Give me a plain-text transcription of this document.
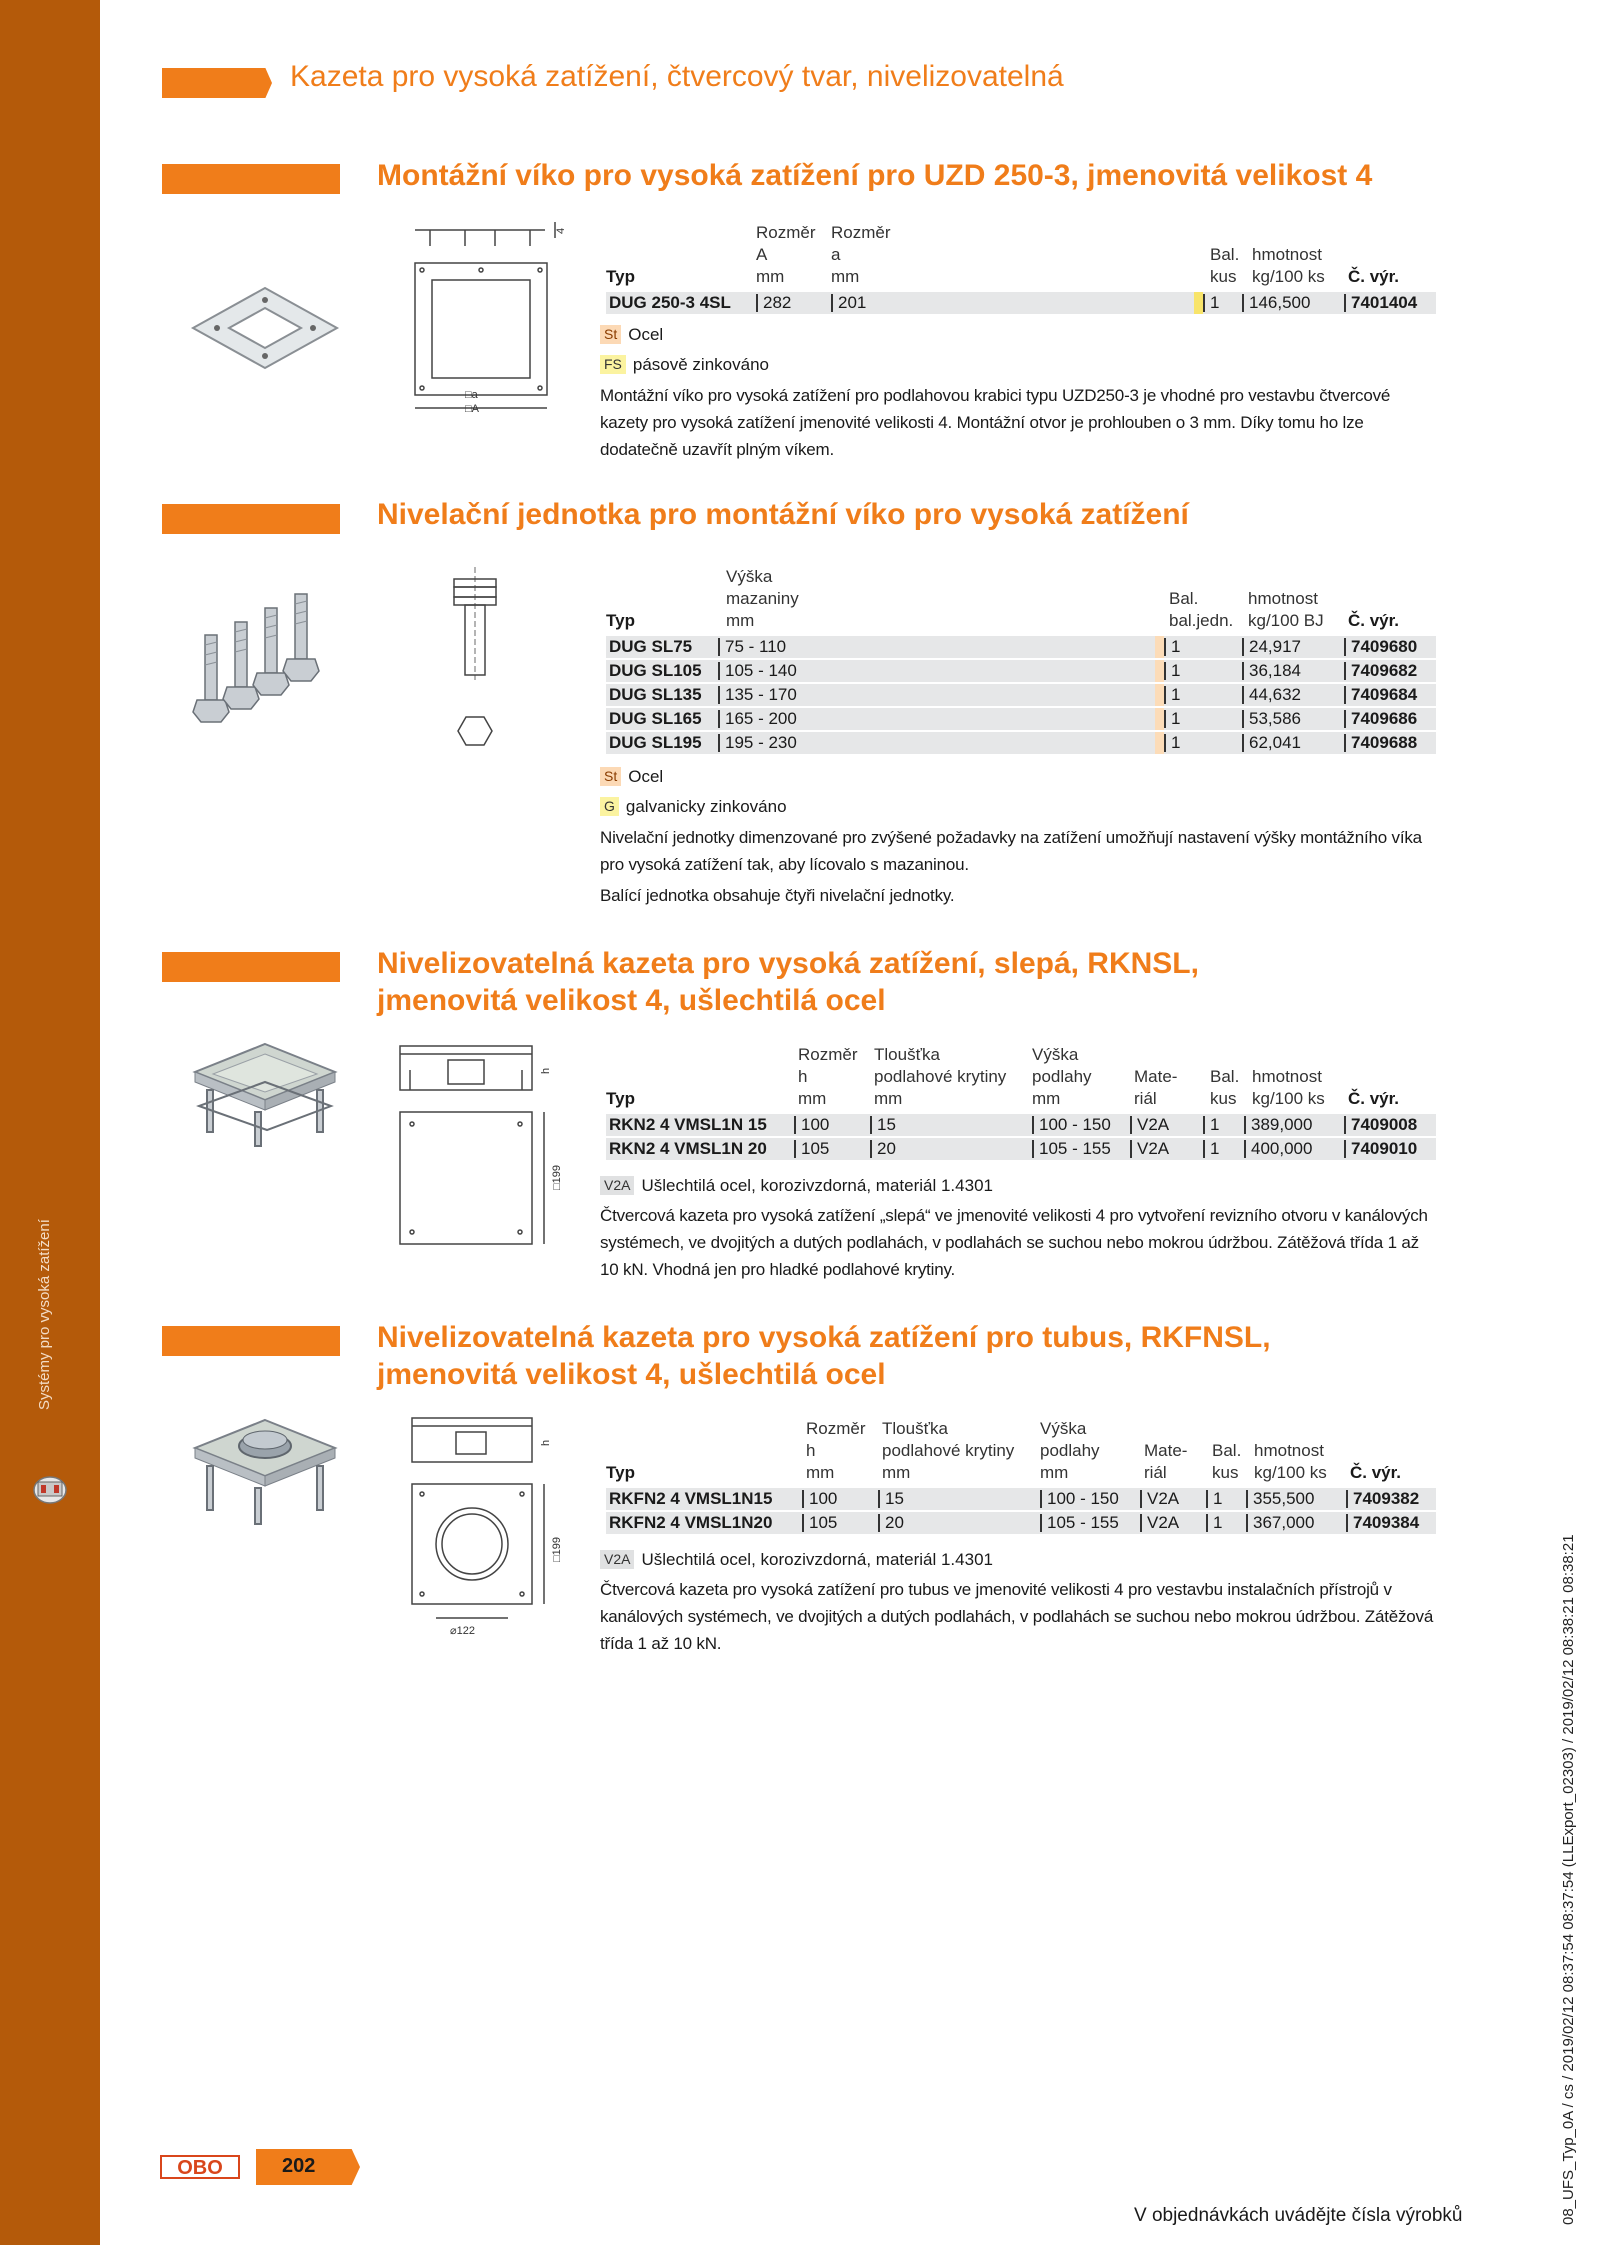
Systémy pro vysoká zatížení
Kazeta pro vysoká zatížení, čtvercový tvar, nivelizovatelná
Montážní víko pro vysoká zatížení pro UZD 250-3, jmenovitá velikost 4
4
□a
□A
Typ
Rozměr
A
mm
Rozměr
a
mm
Bal.
kus
hmotnost
kg/100 ks Č. výr.
DUG 250-3 4SL	282	201	1	146,500	7401404
St Ocel
FS pásově zinkováno

Montážní víko pro vysoká zatížení pro podlahovou krabici typu UZD250-3 je vhodné pro vestavbu čtvercové kazety pro vysoká zatížení jmenovité velikosti 4. Montážní otvor je prohlouben o 3 mm. Díky tomu ho lze dodatečně uzavřít plným víkem.

Nivelační jednotka pro montážní víko pro vysoká zatížení
Typ
Výška
mazaniny
mm
Bal.
bal.jedn.
hmotnost
kg/100 BJ Č. výr.
DUG SL75	75 - 110	1	24,917	7409680
DUG SL105	105 - 140	1	36,184	7409682
DUG SL135	135 - 170	1	44,632	7409684
DUG SL165	165 - 200	1	53,586	7409686
DUG SL195	195 - 230	1	62,041	7409688
St Ocel
G galvanicky zinkováno

Nivelační jednotky dimenzované pro zvýšené požadavky na zatížení umožňují nastavení výšky montážního víka pro vysoká zatížení tak, aby lícovalo s mazaninou.

Balící jednotka obsahuje čtyři nivelační jednotky.

Nivelizovatelná kazeta pro vysoká zatížení, slepá, RKNSL,
jmenovitá velikost 4, ušlechtilá ocel
h
□199
Typ
Rozměr
h
mm
Tloušťka
podlahové krytiny
mm
Výška
podlahy
mm
Mate-
riál
Bal.
kus
hmotnost
kg/100 ks Č. výr.
RKN2 4 VMSL1N 15	100	15	100 - 150	V2A	1	389,000	7409008
RKN2 4 VMSL1N 20	105	20	105 - 155	V2A	1	400,000	7409010
V2A Ušlechtilá ocel, korozivzdorná, materiál 1.4301

Čtvercová kazeta pro vysoká zatížení „slepá“ ve jmenovité velikosti 4 pro vytvoření revizního otvoru v kanálových systémech, ve dvojitých a dutých podlahách, v podlahách se suchou nebo mokrou údržbou. Zátěžová třída 1 až 10 kN. Vhodná jen pro hladké podlahové krytiny.

Nivelizovatelná kazeta pro vysoká zatížení pro tubus, RKFNSL,
jmenovitá velikost 4, ušlechtilá ocel
h
□199
⌀122
Typ
Rozměr
h
mm
Tloušťka
podlahové krytiny
mm
Výška
podlahy
mm
Mate-
riál
Bal.
kus
hmotnost
kg/100 ks Č. výr.
RKFN2 4 VMSL1N15	100	15	100 - 150	V2A	1	355,500	7409382
RKFN2 4 VMSL1N20	105	20	105 - 155	V2A	1	367,000	7409384
V2A Ušlechtilá ocel, korozivzdorná, materiál 1.4301

Čtvercová kazeta pro vysoká zatížení pro tubus ve jmenovité velikosti 4 pro vestavbu instalačních přístrojů v kanálových systémech, ve dvojitých a dutých podlahách, v podlahách se suchou nebo mokrou údržbou. Zátěžová třída 1 až 10 kN.

OBO	202
V objednávkách uvádějte čísla výrobků	08_UFS_Typ_0A / cs / 2019/02/12 08:37:54 08:37:54 (LLExport_02303) / 2019/02/12 08:38:21 08:38:21
